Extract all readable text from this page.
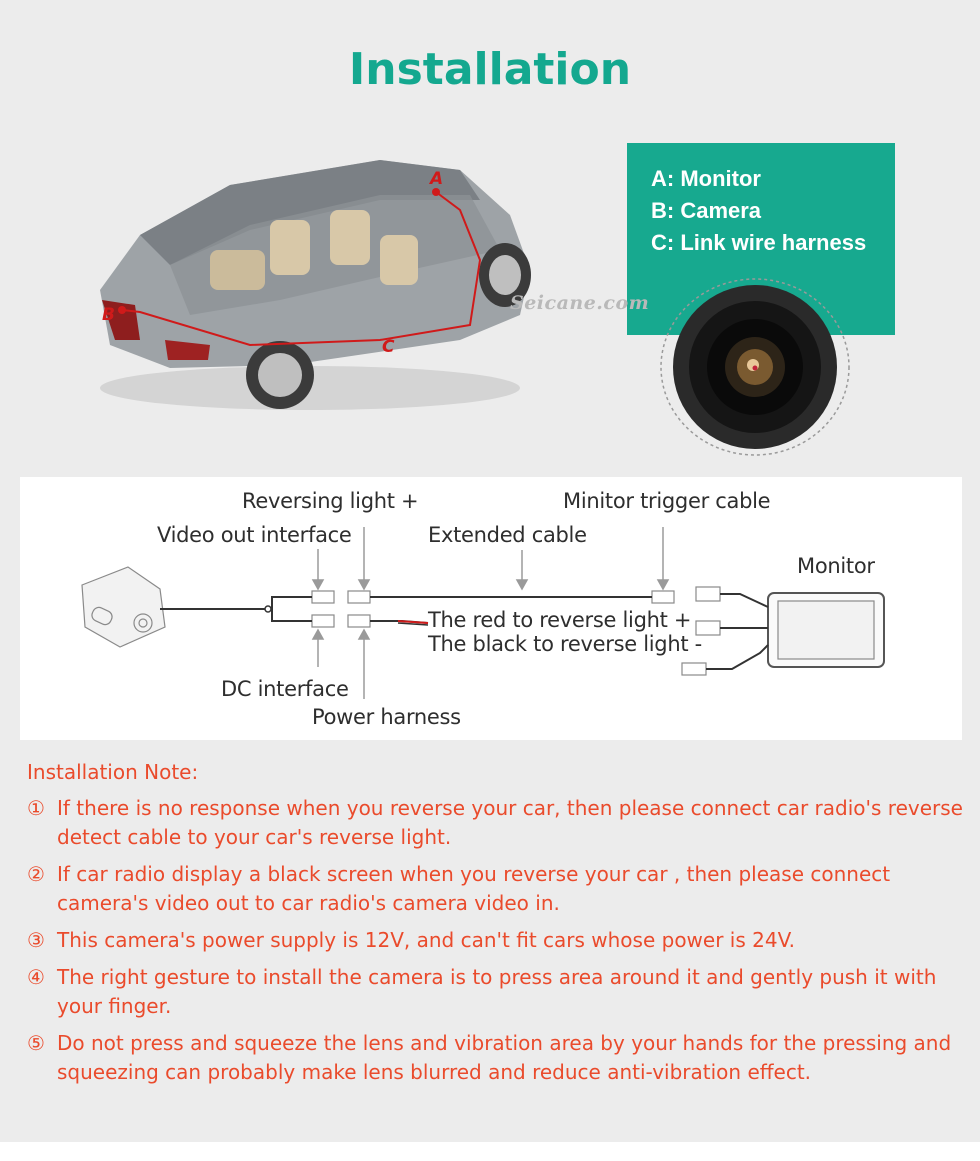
Installation
A
B
C
A: Monitor
B: Camera
C: Link wire harness
Seicane.com
Reversing light +	Minitor trigger cable
Video out interface	Extended cable
Monitor
The red to reverse light +
The black to reverse light -
DC interface
Power harness
Installation Note:
① If there is no response when you reverse your car, then please connect car radio's reverse detect cable to your car's reverse light.
② If car radio display a black screen when you reverse your car , then please connect camera's video out to car radio's camera video in.
③ This camera's power supply is 12V, and can't fit cars whose power is 24V.
④ The right gesture to install the camera is to press area around it and gently push it with your finger.
⑤ Do not press and squeeze the lens and vibration area by your hands for the pressing and squeezing can probably make lens blurred and reduce anti-vibration effect.
